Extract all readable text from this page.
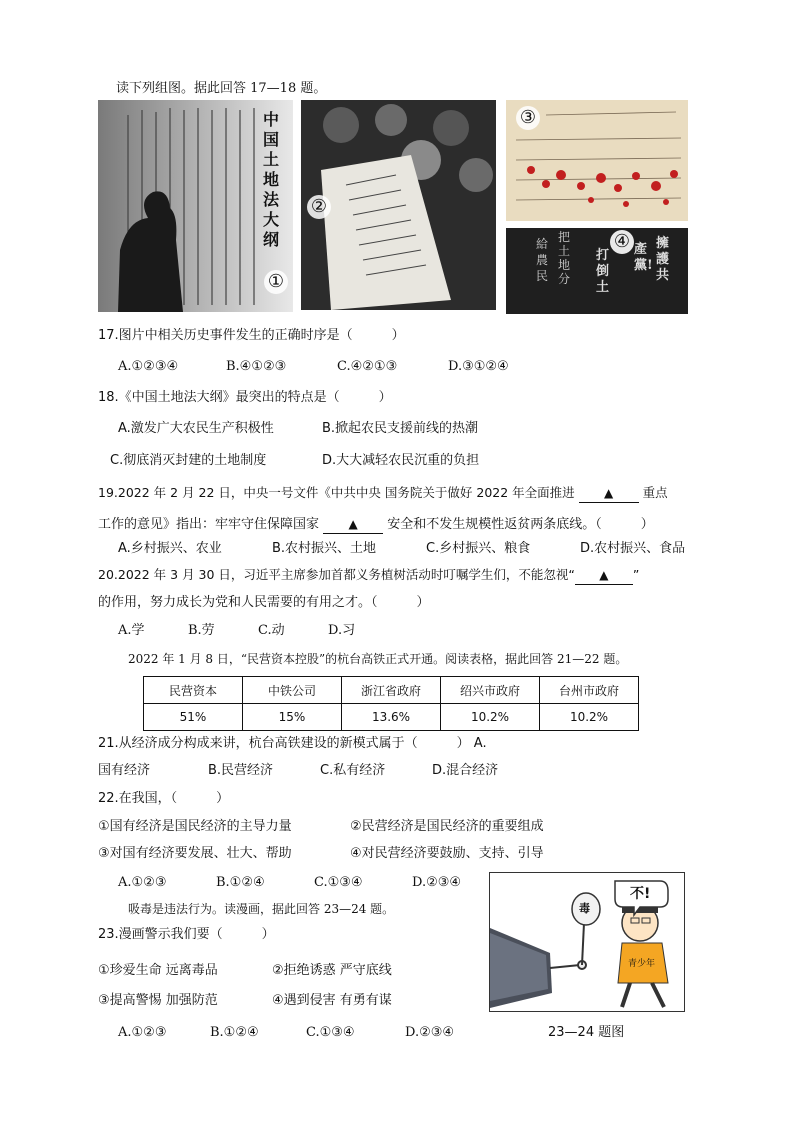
读下列组图。据此回答 17—18 题。
中国土地法大纲
①
②
③
擁護共
產黨!
打倒土
把土地分
給農民
④
17.图片中相关历史事件发生的正确时序是（　　　）
A.①②③④	B.④①②③	C.④②①③	D.③①②④
18.《中国土地法大纲》最突出的特点是（　　　）
A.激发广大农民生产积极性	B.掀起农民支援前线的热潮
C.彻底消灭封建的土地制度	D.大大减轻农民沉重的负担
19.2022 年 2 月 22 日，中央一号文件《中共中央 国务院关于做好 2022 年全面推进 ▲ 重点
工作的意见》指出：牢牢守住保障国家 ▲ 安全和不发生规模性返贫两条底线。（　　　）
A.乡村振兴、农业	B.农村振兴、土地	C.乡村振兴、粮食	D.农村振兴、食品
20.2022 年 3 月 30 日，习近平主席参加首都义务植树活动时叮嘱学生们，不能忽视“ ▲ ”
的作用，努力成长为党和人民需要的有用之才。（　　　）
A.学	B.劳	C.动	D.习
2022 年 1 月 8 日，“民营资本控股”的杭台高铁正式开通。阅读表格，据此回答 21—22 题。
民营资本	中铁公司	浙江省政府	绍兴市政府	台州市政府
51%	15%	13.6%	10.2%	10.2%
21.从经济成分构成来讲，杭台高铁建设的新模式属于（　　　） A.
国有经济	B.民营经济	C.私有经济	D.混合经济
22.在我国，（　　　）
①国有经济是国民经济的主导力量	②民营经济是国民经济的重要组成
③对国有经济要发展、壮大、帮助	④对民营经济要鼓励、支持、引导
A.①②③	B.①②④	C.①③④	D.②③④
吸毒是违法行为。读漫画，据此回答 23—24 题。
23.漫画警示我们要（　　　）
①珍爱生命 远离毒品	②拒绝诱惑 严守底线
③提高警惕 加强防范	④遇到侵害 有勇有谋
A.①②③	B.①②④	C.①③④	D.②③④
不!
毒
青少年
23—24 题图
